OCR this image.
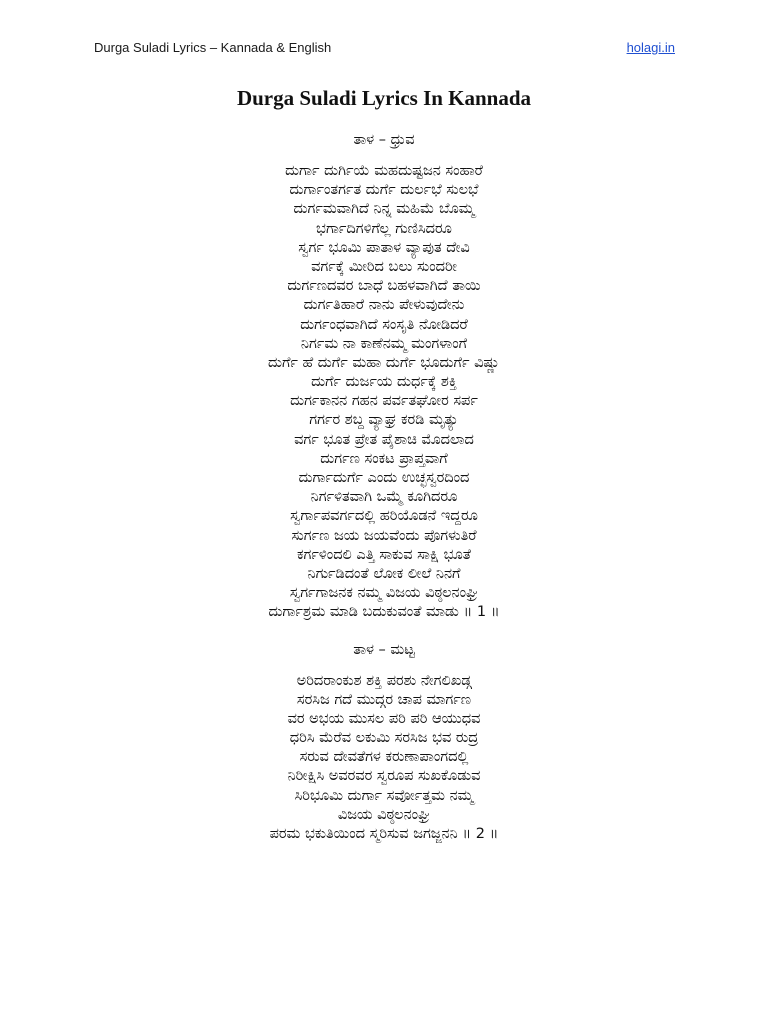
Durga Suladi Lyrics – Kannada & English	holagi.in
Durga Suladi Lyrics In Kannada
ತಾಳ – ಧ್ರುವ
ದುರ್ಗಾ ದುರ್ಗಿಯೆ ಮಹದುಷ್ಟಜನ ಸಂಹಾರೆ
ದುರ್ಗಾಂತರ್ಗತ ದುರ್ಗೆ ದುರ್ಲಭೆ ಸುಲಭೆ
ದುರ್ಗಮವಾಗಿದೆ ನಿನ್ನ ಮಹಿಮೆ ಬೊಮ್ಮ
ಭರ್ಗಾದಿಗಳಿಗೆಲ್ಲ ಗುಣಿಸಿದರೂ
ಸ್ವರ್ಗ ಭೂಮಿ ಪಾತಾಳ ವ್ಯಾಪುತ ದೇವಿ
ವರ್ಗಕ್ಕೆ ಮೀರಿದ ಬಲು ಸುಂದರೀ
ದುರ್ಗಣದವರ ಬಾಧೆ ಬಹಳವಾಗಿದೆ ತಾಯಿ
ದುರ್ಗತಿಹಾರೆ ನಾನು ಪೇಳುವುದೇನು
ದುರ್ಗಂಧವಾಗಿದೆ ಸಂಸೃತಿ ನೋಡಿದರೆ
ನಿರ್ಗಮ ನಾ ಕಾಣೆನಮ್ಮ ಮಂಗಳಾಂಗೆ
ದುರ್ಗೆ ಹೆ ದುರ್ಗೆ ಮಹಾ ದುರ್ಗೆ ಭೂದುರ್ಗೆ ವಿಷ್ಣು
ದುರ್ಗೆ ದುರ್ಜಯ ದುರ್ಧಕ್ಕೆ ಶಕ್ತಿ
ದುರ್ಗಕಾನನ ಗಹನ ಪರ್ವತಘೋರ ಸರ್ಪ
ಗರ್ಗರ ಶಬ್ದ ವ್ಯಾಘ್ರ ಕರಡಿ ಮೃತ್ಯು
ವರ್ಗ ಭೂತ ಪ್ರೇತ ಪೈಶಾಚಿ ಮೊದಲಾದ
ದುರ್ಗಣ ಸಂಕಟ ಪ್ರಾಪ್ತವಾಗೆ
ದುರ್ಗಾದುರ್ಗೆ ಎಂದು ಉಚ್ಛಸ್ವರದಿಂದ
ನಿರ್ಗಳಿತವಾಗಿ ಒಮ್ಮೆ ಕೂಗಿದರೂ
ಸ್ವರ್ಗಾಪವರ್ಗದಲ್ಲಿ ಹರಿಯೊಡನೆ ಇದ್ದರೂ
ಸುರ್ಗಣ ಜಯ ಜಯವೆಂದು ಪೊಗಳುತಿರೆ
ಕರ್ಗಳಿಂದಲಿ ಎತ್ತಿ ಸಾಕುವ ಸಾಕ್ಷಿ ಭೂತೆ
ನಿರ್ಗುಡಿದಂತೆ ಲೋಕ ಲೀಲೆ ನಿನಗೆ
ಸ್ವರ್ಗಗಾಜನಕ ನಮ್ಮ ವಿಜಯ ವಿಠ್ಠಲನಂಘ್ರಿ
ದುರ್ಗಾಶ್ರಮ ಮಾಡಿ ಬದುಕುವಂತೆ ಮಾಡು ॥ 1 ॥
ತಾಳ – ಮಟ್ಟ
ಅರಿದರಾಂಕುಶ ಶಕ್ತಿ ಪರಶು ನೇಗಲಿಖಡ್ಗ
ಸರಸಿಜ ಗದೆ ಮುದ್ಗರ ಚಾಪ ಮಾರ್ಗಣ
ವರ ಅಭಯ ಮುಸಲ ಪರಿ ಪರಿ ಆಯುಧವ
ಧರಿಸಿ ಮೆರೆವ ಲಕುಮಿ ಸರಸಿಜ ಭವ ರುದ್ರ
ಸರುವ ದೇವತೆಗಳ ಕರುಣಾಪಾಂಗದಲ್ಲಿ
ನಿರೀಕ್ಷಿಸಿ ಅವರವರ ಸ್ವರೂಪ ಸುಖಕೊಡುವ
ಸಿರಿಭೂಮಿ ದುರ್ಗಾ ಸರ್ವೋತ್ತಮ ನಮ್ಮ
ವಿಜಯ ವಿಠ್ಠಲನಂಘ್ರಿ
ಪರಮ ಭಕುತಿಯಿಂದ ಸ್ಮರಿಸುವ ಜಗಜ್ಜನನಿ ॥ 2 ॥
